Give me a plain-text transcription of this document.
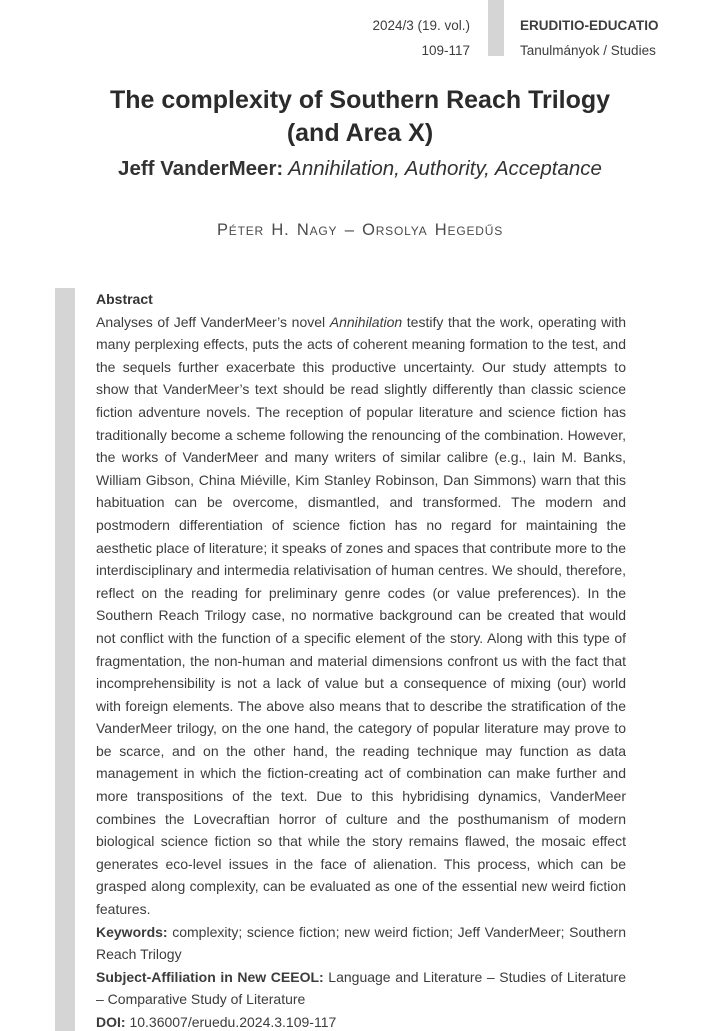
2024/3 (19. vol.)
109-117
ERUDITIO-EDUCATIO
Tanulmányok / Studies
The complexity of Southern Reach Trilogy
(and Area X)
Jeff VanderMeer: Annihilation, Authority, Acceptance
Péter H. Nagy – Orsolya Hegedűs
Abstract

Analyses of Jeff VanderMeer’s novel Annihilation testify that the work, operating with many perplexing effects, puts the acts of coherent meaning formation to the test, and the sequels further exacerbate this productive uncertainty. Our study attempts to show that VanderMeer’s text should be read slightly differently than classic science fiction adventure novels. The reception of popular literature and science fiction has traditionally become a scheme following the renouncing of the combination. However, the works of VanderMeer and many writers of similar calibre (e.g., Iain M. Banks, William Gibson, China Miéville, Kim Stanley Robinson, Dan Simmons) warn that this habituation can be overcome, dismantled, and transformed. The modern and postmodern differentiation of science fiction has no regard for maintaining the aesthetic place of literature; it speaks of zones and spaces that contribute more to the interdisciplinary and intermedia relativisation of human centres. We should, therefore, reflect on the reading for preliminary genre codes (or value preferences). In the Southern Reach Trilogy case, no normative background can be created that would not conflict with the function of a specific element of the story. Along with this type of fragmentation, the non-human and material dimensions confront us with the fact that incomprehensibility is not a lack of value but a consequence of mixing (our) world with foreign elements. The above also means that to describe the stratification of the VanderMeer trilogy, on the one hand, the category of popular literature may prove to be scarce, and on the other hand, the reading technique may function as data management in which the fiction-creating act of combination can make further and more transpositions of the text. Due to this hybridising dynamics, VanderMeer combines the Lovecraftian horror of culture and the posthumanism of modern biological science fiction so that while the story remains flawed, the mosaic effect generates eco-level issues in the face of alienation. This process, which can be grasped along complexity, can be evaluated as one of the essential new weird fiction features.

Keywords: complexity; science fiction; new weird fiction; Jeff VanderMeer; Southern Reach Trilogy

Subject-Affiliation in New CEEOL: Language and Literature – Studies of Literature – Comparative Study of Literature

DOI: 10.36007/eruedu.2024.3.109-117
